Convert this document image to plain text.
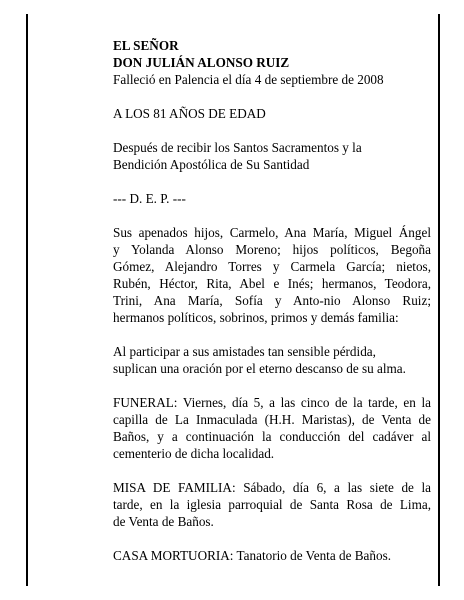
EL SEÑOR
DON JULIÁN ALONSO RUIZ
Falleció en Palencia el día 4 de septiembre de 2008
A LOS 81 AÑOS DE EDAD
Después de recibir los Santos Sacramentos y la
Bendición Apostólica de Su Santidad
--- D. E. P. ---
Sus apenados hijos, Carmelo, Ana María, Miguel Ángel
y Yolanda Alonso Moreno; hijos políticos, Begoña
Gómez, Alejandro Torres y Carmela García; nietos,
Rubén, Héctor, Rita, Abel e Inés; hermanos, Teodora,
Trini, Ana María, Sofía y Anto-nio Alonso Ruiz;
hermanos políticos, sobrinos, primos y demás familia:
Al participar a sus amistades tan sensible pérdida,
suplican una oración por el eterno descanso de su alma.
FUNERAL: Viernes, día 5, a las cinco de la tarde, en la
capilla de La Inmaculada (H.H. Maristas), de Venta de
Baños, y a continuación la conducción del cadáver al
cementerio de dicha localidad.
MISA DE FAMILIA: Sábado, día 6, a las siete de la
tarde, en la iglesia parroquial de Santa Rosa de Lima,
de Venta de Baños.
CASA MORTUORIA: Tanatorio de Venta de Baños.
